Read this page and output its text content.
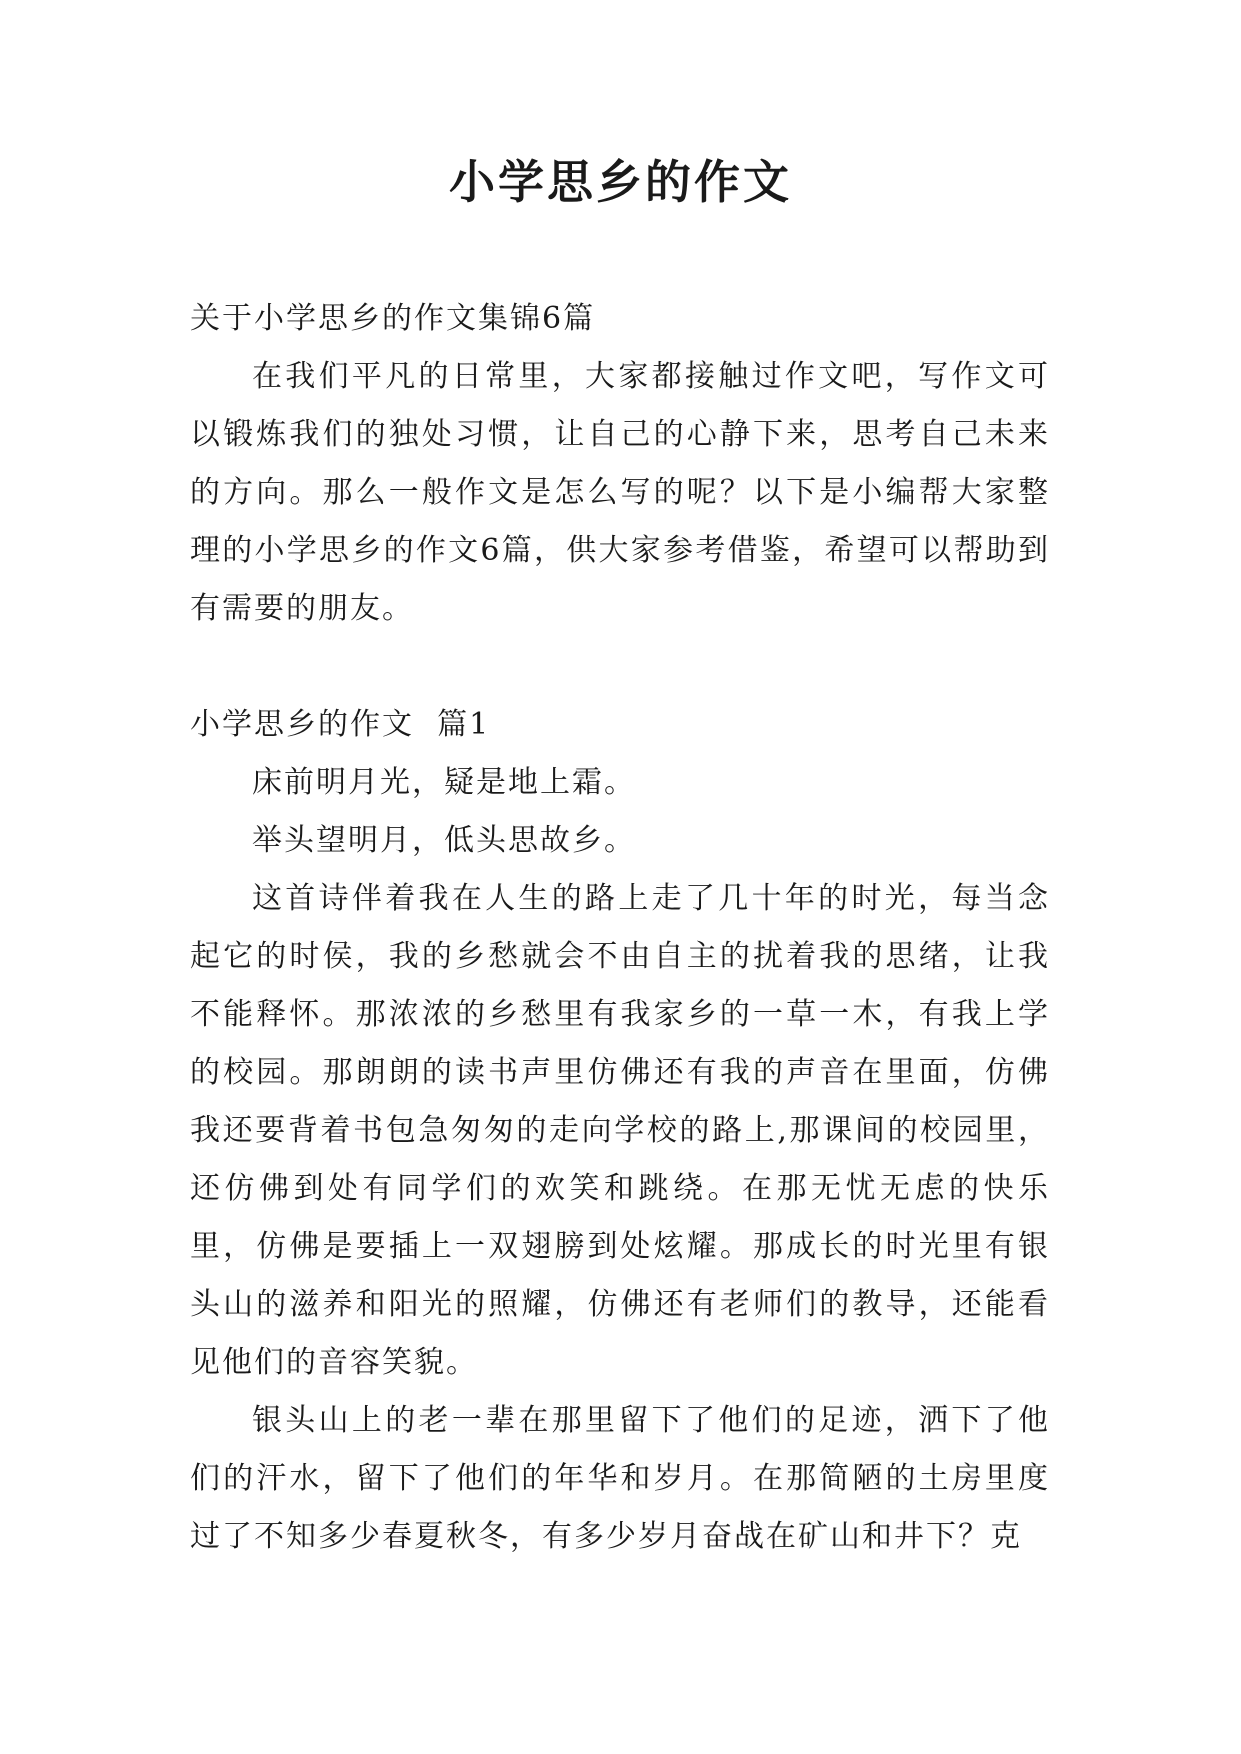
小学思乡的作文

关于小学思乡的作文集锦6篇

在我们平凡的日常里，大家都接触过作文吧，写作文可以锻炼我们的独处习惯，让自己的心静下来，思考自己未来的方向。那么一般作文是怎么写的呢？以下是小编帮大家整理的小学思乡的作文6篇，供大家参考借鉴，希望可以帮助到有需要的朋友。

小学思乡的作文  篇1

床前明月光，疑是地上霜。

举头望明月，低头思故乡。

这首诗伴着我在人生的路上走了几十年的时光，每当念起它的时侯，我的乡愁就会不由自主的扰着我的思绪，让我不能释怀。那浓浓的乡愁里有我家乡的一草一木，有我上学的校园。那朗朗的读书声里仿佛还有我的声音在里面，仿佛我还要背着书包急匆匆的走向学校的路上,那课间的校园里，还仿佛到处有同学们的欢笑和跳绕。在那无忧无虑的快乐里，仿佛是要插上一双翅膀到处炫耀。那成长的时光里有银头山的滋养和阳光的照耀，仿佛还有老师们的教导，还能看见他们的音容笑貌。

银头山上的老一辈在那里留下了他们的足迹，洒下了他们的汗水，留下了他们的年华和岁月。在那简陋的土房里度过了不知多少春夏秋冬，有多少岁月奋战在矿山和井下？克
